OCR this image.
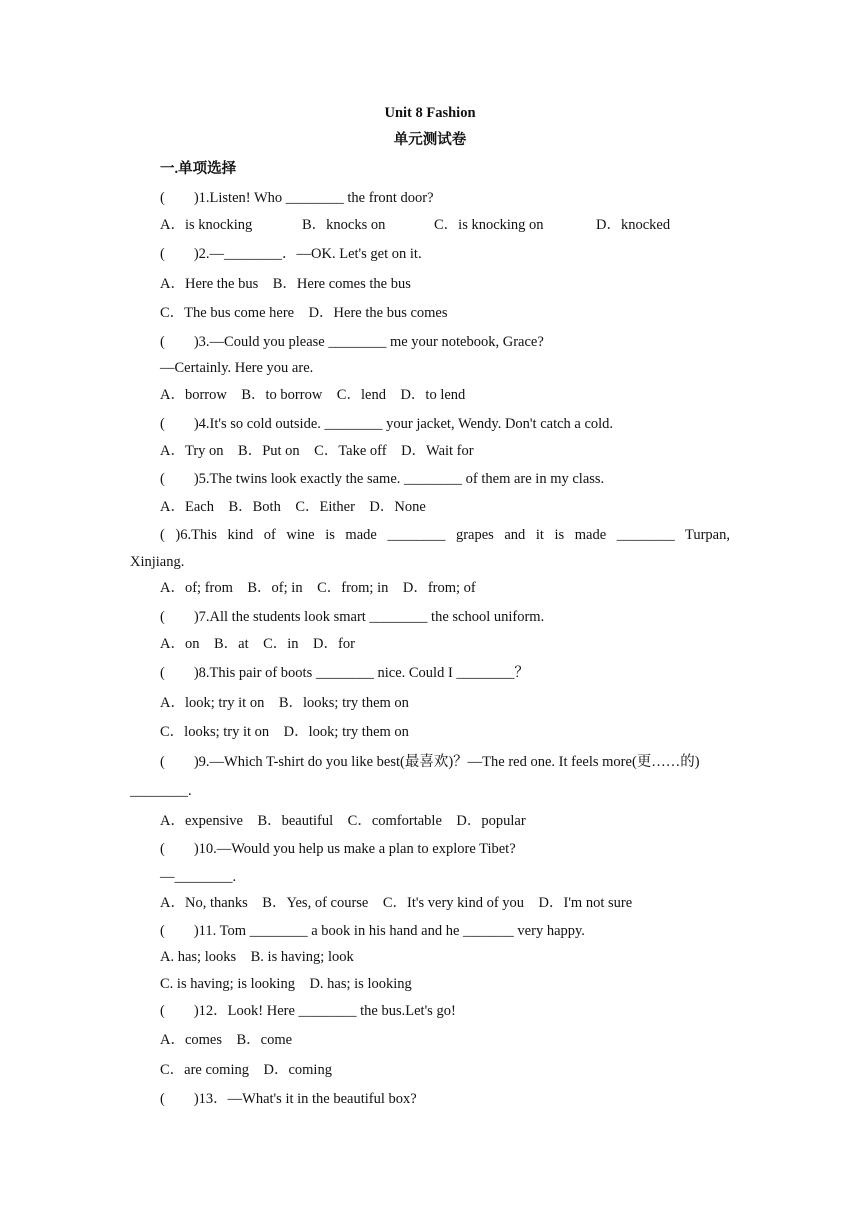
Unit 8 Fashion
单元测试卷
一.单项选择
(        )1.Listen! Who ________ the front door?
A．is knocking	B．knocks on	C．is knocking on	D．knocked
(        )2.—________．—OK. Let's get on it.
A．Here the bus    B．Here comes the bus
C．The bus come here    D．Here the bus comes
(        )3.—Could you please ________ me your notebook, Grace?
—Certainly. Here you are.
A．borrow    B．to borrow    C．lend    D．to lend
(        )4.It's so cold outside. ________ your jacket, Wendy. Don't catch a cold.
A．Try on    B．Put on    C．Take off    D．Wait for
(        )5.The twins look exactly the same. ________ of them are in my class.
A．Each    B．Both    C．Either    D．None
( )6.This kind of wine is made ________ grapes and it is made ________ Turpan,
Xinjiang.
A．of; from    B．of; in    C．from; in    D．from; of
(        )7.All the students look smart ________ the school uniform.
A．on    B．at    C．in    D．for
(        )8.This pair of boots ________ nice. Could I ________？
A．look; try it on    B．looks; try them on
C．looks; try it on    D．look; try them on
(        )9.—Which T-shirt do you like best(最喜欢)？—The red one. It feels more(更……的)
________.
A．expensive    B．beautiful    C．comfortable    D．popular
(        )10.—Would you help us make a plan to explore Tibet?
—________.
A．No, thanks    B．Yes, of course    C．It's very kind of you    D．I'm not sure
(        )11. Tom ________ a book in his hand and he _______ very happy.
A. has; looks    B. is having; look
C. is having; is looking    D. has; is looking
(        )12．Look! Here ________ the bus.Let's go!
A．comes    B．come
C．are coming    D．coming
(        )13．—What's it in the beautiful box?
